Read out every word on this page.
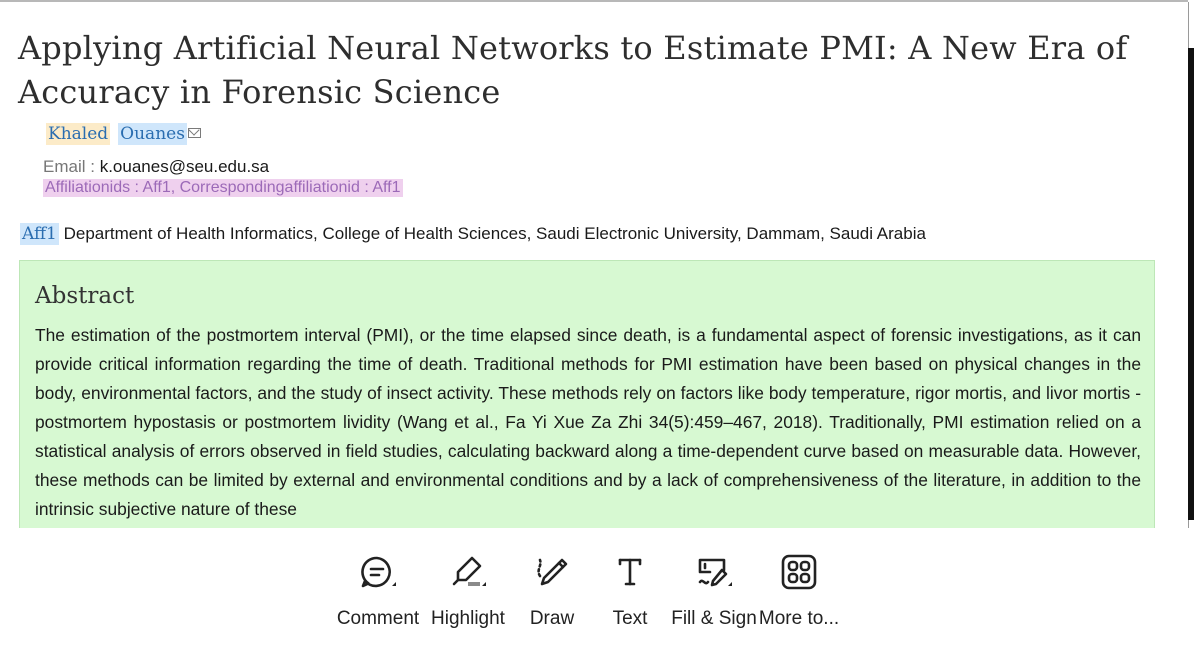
Applying Artificial Neural Networks to Estimate PMI: A New Era of Accuracy in Forensic Science
Khaled Ouanes
Email : k.ouanes@seu.edu.sa
Affiliationids : Aff1, Correspondingaffiliationid : Aff1
Aff1 Department of Health Informatics, College of Health Sciences, Saudi Electronic University, Dammam, Saudi Arabia
Abstract

The estimation of the postmortem interval (PMI), or the time elapsed since death, is a fundamental aspect of forensic investigations, as it can provide critical information regarding the time of death. Traditional methods for PMI estimation have been based on physical changes in the body, environmental factors, and the study of insect activity. These methods rely on factors like body temperature, rigor mortis, and livor mortis -postmortem hypostasis or postmortem lividity (Wang et al., Fa Yi Xue Za Zhi 34(5):459–467, 2018). Traditionally, PMI estimation relied on a statistical analysis of errors observed in field studies, calculating backward along a time-dependent curve based on measurable data. However, these methods can be limited by external and environmental conditions and by a lack of comprehensiveness of the literature, in addition to the intrinsic subjective nature of these

Comment Highlight	Draw	Text	Fill & Sign More to...
